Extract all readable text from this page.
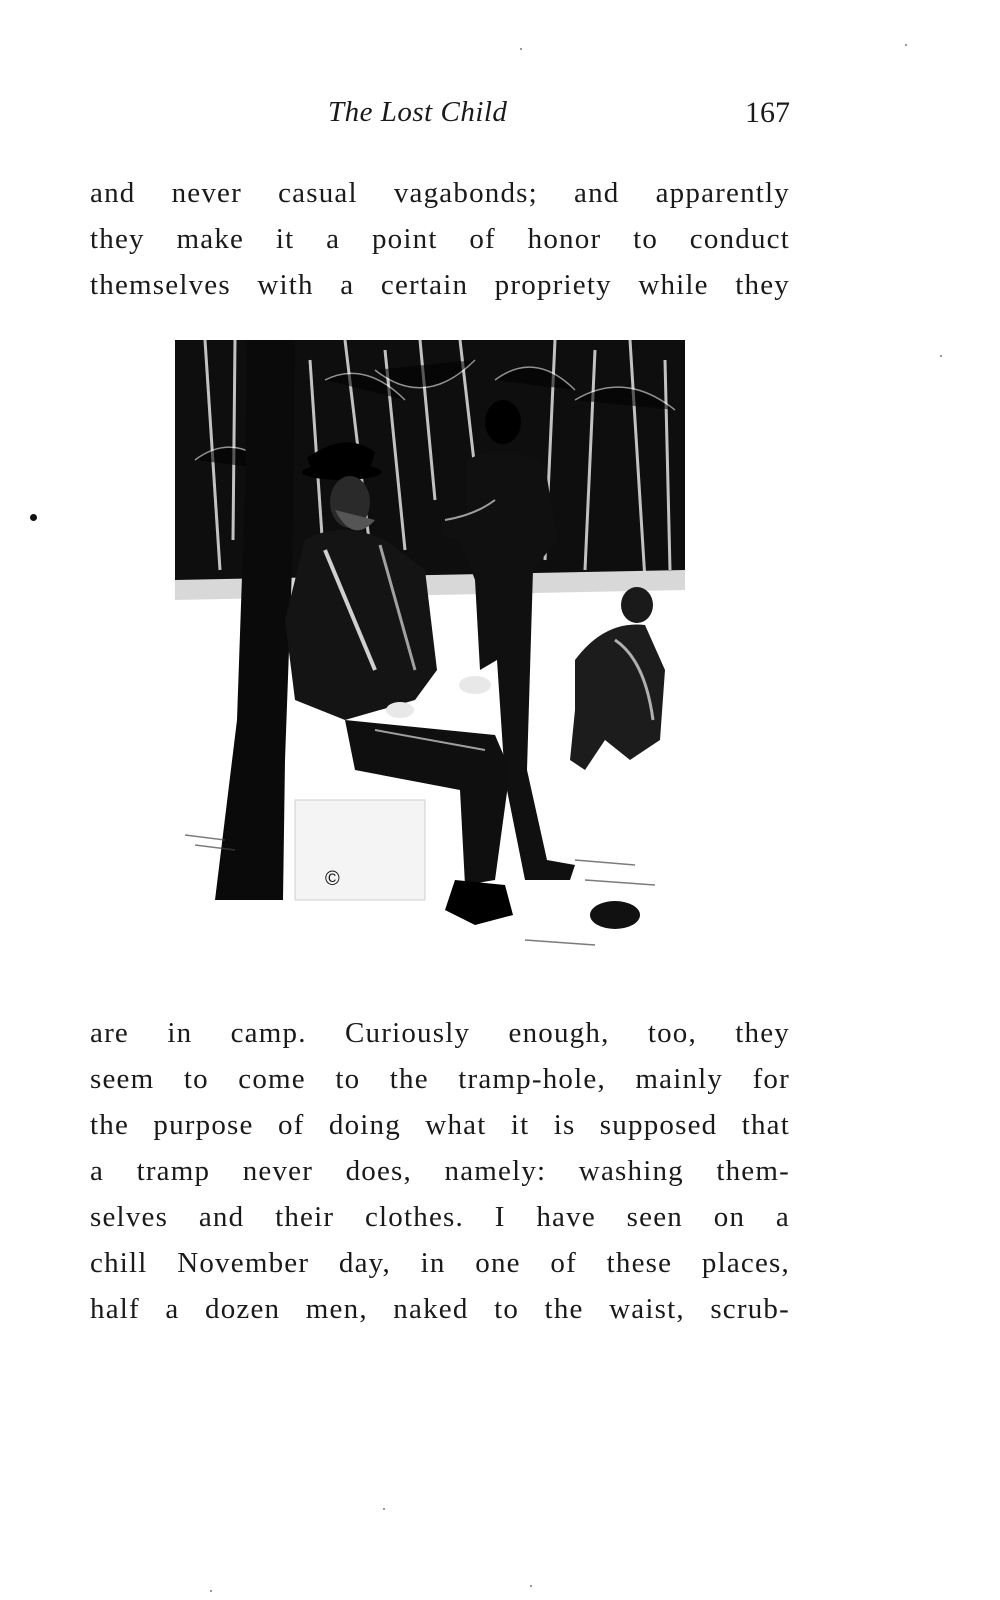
The Lost Child	167
and never casual vagabonds; and apparently
they make it a point of honor to conduct
themselves with a certain propriety while they
©
are in camp. Curiously enough, too, they
seem to come to the tramp-hole, mainly for
the purpose of doing what it is supposed that
a tramp never does, namely: washing them-
selves and their clothes. I have seen on a
chill November day, in one of these places,
half a dozen men, naked to the waist, scrub-
